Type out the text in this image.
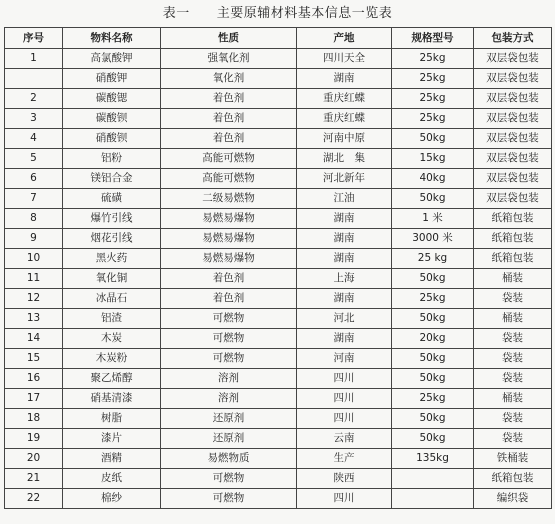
表一　　主要原辅材料基本信息一览表
序号	物料名称	性质	产地	规格型号	包装方式
1	高氯酸钾	强氧化剂	四川天全	25kg	双层袋包装
	硝酸钾	氧化剂	湖南	25kg	双层袋包装
2	碳酸锶	着色剂	重庆红蝶	25kg	双层袋包装
3	碳酸钡	着色剂	重庆红蝶	25kg	双层袋包装
4	硝酸钡	着色剂	河南中原	50kg	双层袋包装
5	铝粉	高能可燃物	湖北　集	15kg	双层袋包装
6	镁铝合金	高能可燃物	河北新年	40kg	双层袋包装
7	硫磺	二级易燃物	江油	50kg	双层袋包装
8	爆竹引线	易燃易爆物	湖南	1 米	纸箱包装
9	烟花引线	易燃易爆物	湖南	3000 米	纸箱包装
10	黑火药	易燃易爆物	湖南	25 kg	纸箱包装
11	氧化铜	着色剂	上海	50kg	桶装
12	冰晶石	着色剂	湖南	25kg	袋装
13	铝渣	可燃物	河北	50kg	桶装
14	木炭	可燃物	湖南	20kg	袋装
15	木炭粉	可燃物	河南	50kg	袋装
16	聚乙烯醇	溶剂	四川	50kg	袋装
17	硝基清漆	溶剂	四川	25kg	桶装
18	树脂	还原剂	四川	50kg	袋装
19	漆片	还原剂	云南	50kg	袋装
20	酒精	易燃物质	生产	135kg	铁桶装
21	皮纸	可燃物	陕西		纸箱包装
22	棉纱	可燃物	四川		编织袋
